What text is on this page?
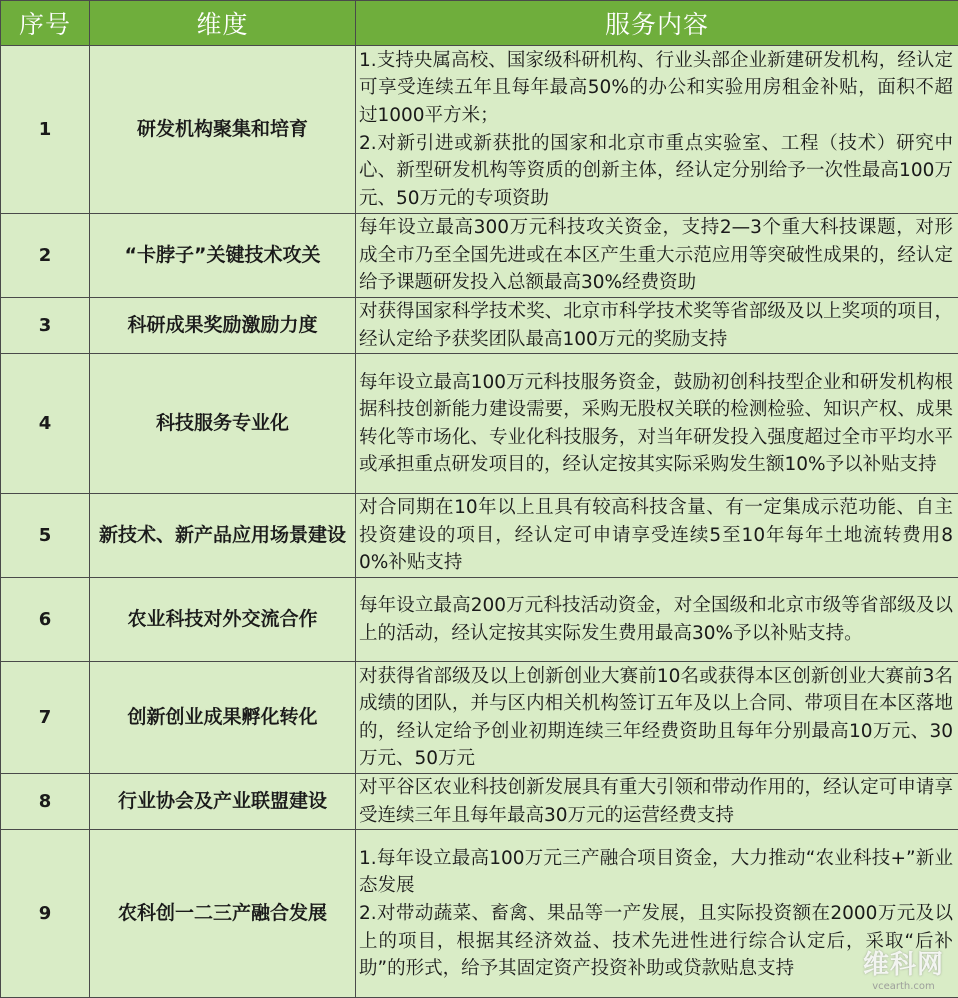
序号	维度	服务内容
1	研发机构聚集和培育	1.支持央属高校、国家级科研机构、行业头部企业新建研发机构，经认定可享受连续五年且每年最高50%的办公和实验用房租金补贴，面积不超过1000平方米；
2.对新引进或新获批的国家和北京市重点实验室、工程（技术）研究中心、新型研发机构等资质的创新主体，经认定分别给予一次性最高100万元、50万元的专项资助
2	“卡脖子”关键技术攻关	每年设立最高300万元科技攻关资金，支持2—3个重大科技课题，对形成全市乃至全国先进或在本区产生重大示范应用等突破性成果的，经认定给予课题研发投入总额最高30%经费资助
3	科研成果奖励激励力度	对获得国家科学技术奖、北京市科学技术奖等省部级及以上奖项的项目，经认定给予获奖团队最高100万元的奖励支持
4	科技服务专业化	每年设立最高100万元科技服务资金，鼓励初创科技型企业和研发机构根据科技创新能力建设需要，采购无股权关联的检测检验、知识产权、成果转化等市场化、专业化科技服务，对当年研发投入强度超过全市平均水平或承担重点研发项目的，经认定按其实际采购发生额10%予以补贴支持
5	新技术、新产品应用场景建设	对合同期在10年以上且具有较高科技含量、有一定集成示范功能、自主投资建设的项目，经认定可申请享受连续5至10年每年土地流转费用80%补贴支持
6	农业科技对外交流合作	每年设立最高200万元科技活动资金，对全国级和北京市级等省部级及以上的活动，经认定按其实际发生费用最高30%予以补贴支持。
7	创新创业成果孵化转化	对获得省部级及以上创新创业大赛前10名或获得本区创新创业大赛前3名成绩的团队，并与区内相关机构签订五年及以上合同、带项目在本区落地的，经认定给予创业初期连续三年经费资助且每年分别最高10万元、30万元、50万元
8	行业协会及产业联盟建设	对平谷区农业科技创新发展具有重大引领和带动作用的，经认定可申请享受连续三年且每年最高30万元的运营经费支持
9	农科创一二三产融合发展	1.每年设立最高100万元三产融合项目资金，大力推动“农业科技+”新业态发展
2.对带动蔬菜、畜禽、果品等一产发展，且实际投资额在2000万元及以上的项目，根据其经济效益、技术先进性进行综合认定后，采取“后补助”的形式，给予其固定资产投资补助或贷款贴息支持	维科网
vcearth.com
